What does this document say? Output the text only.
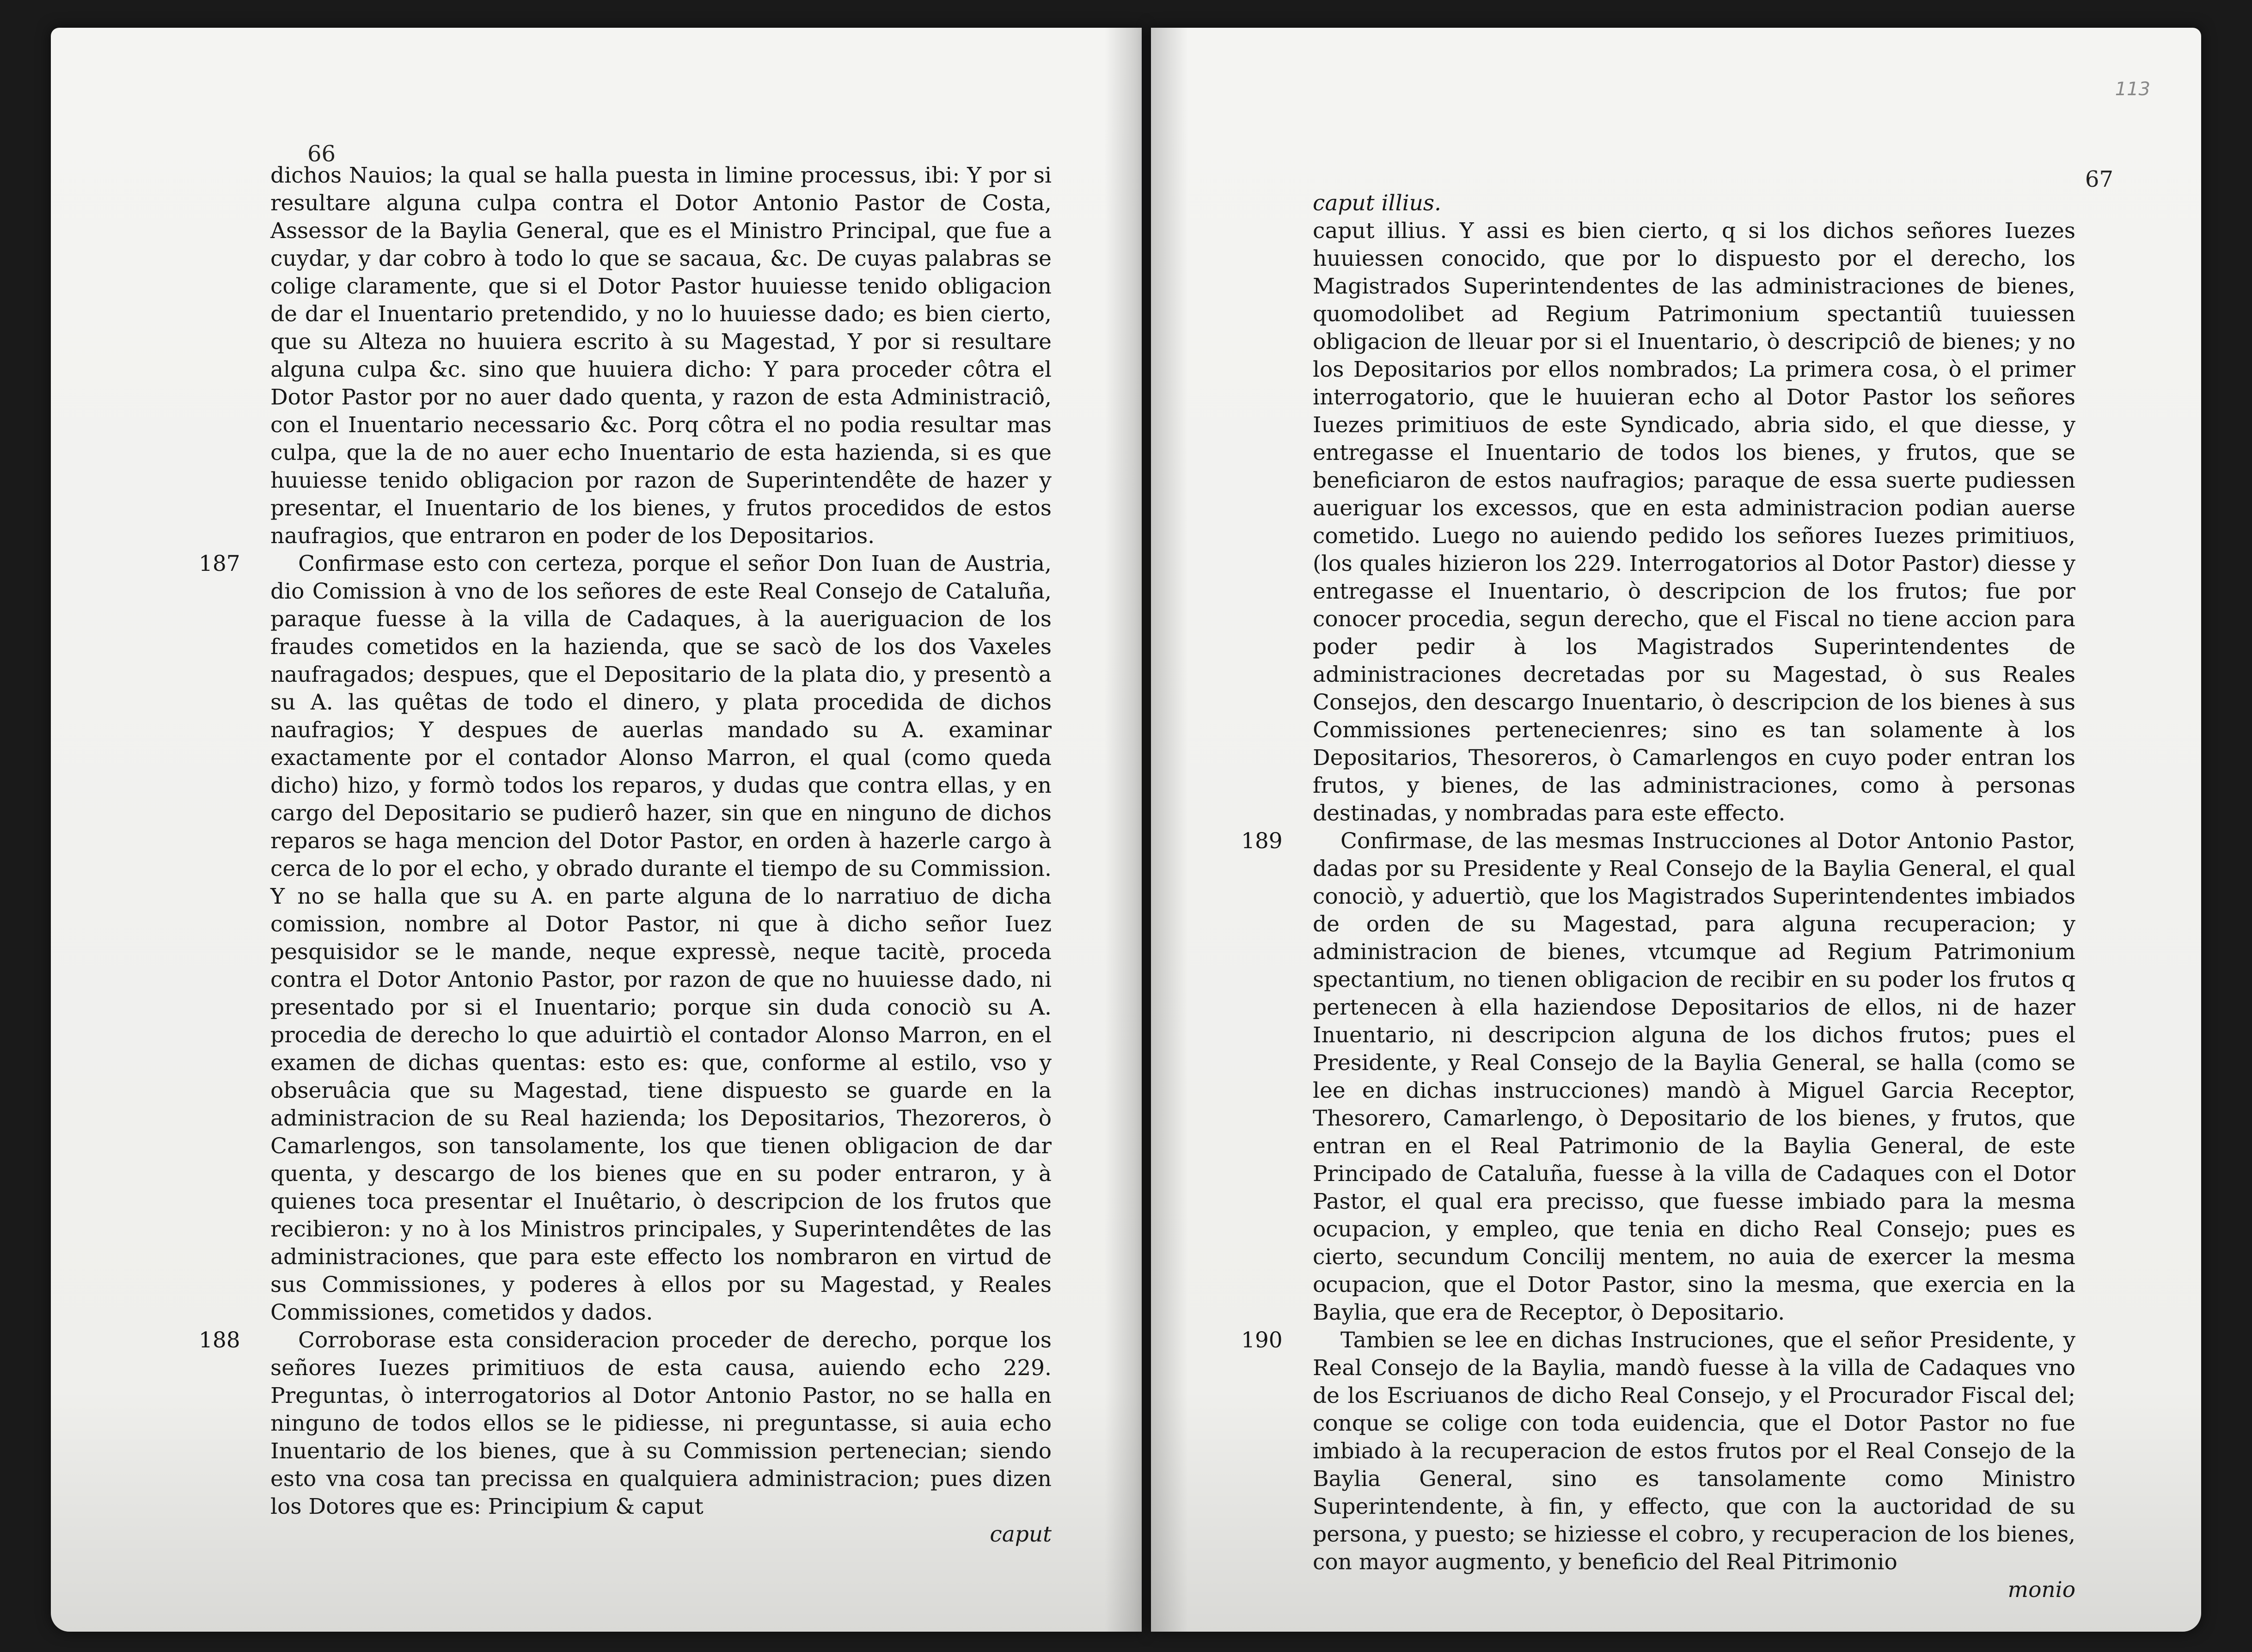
66

dichos Nauios; la qual se halla puesta in limine processus, ibi: Y por si resultare alguna culpa contra el Dotor Antonio Pastor de Costa, Assessor de la Baylia General, que es el Ministro Principal, que fue a cuydar, y dar cobro à todo lo que se sacaua, &c. De cuyas palabras se colige claramente, que si el Dotor Pastor huuiesse tenido obligacion de dar el Inuentario pretendido, y no lo huuiesse dado; es bien cierto, que su Alteza no huuiera escrito à su Magestad, Y por si resultare alguna culpa &c. sino que huuiera dicho: Y para proceder côtra el Dotor Pastor por no auer dado quenta, y razon de esta Administraciô, con el Inuentario necessario &c. Porq côtra el no podia resultar mas culpa, que la de no auer echo Inuentario de esta hazienda, si es que huuiesse tenido obligacion por razon de Superintendête de hazer y presentar, el Inuentario de los bienes, y frutos procedidos de estos naufragios, que entraron en poder de los Depositarios.

187	Confirmase esto con certeza, porque el señor Don Iuan de Austria, dio Comission à vno de los señores de este Real Consejo de Cataluña, paraque fuesse à la villa de Cadaques, à la aueriguacion de los fraudes cometidos en la hazienda, que se sacò de los dos Vaxeles naufragados; despues, que el Depositario de la plata dio, y presentò a su A. las quêtas de todo el dinero, y plata procedida de dichos naufragios; Y despues de auerlas mandado su A. examinar exactamente por el contador Alonso Marron, el qual (como queda dicho) hizo, y formò todos los reparos, y dudas que contra ellas, y en cargo del Depositario se pudierô hazer, sin que en ninguno de dichos reparos se haga mencion del Dotor Pastor, en orden à hazerle cargo à cerca de lo por el echo, y obrado durante el tiempo de su Commission. Y no se halla que su A. en parte alguna de lo narratiuo de dicha comission, nombre al Dotor Pastor, ni que à dicho señor Iuez pesquisidor se le mande, neque expressè, neque tacitè, proceda contra el Dotor Antonio Pastor, por razon de que no huuiesse dado, ni presentado por si el Inuentario; porque sin duda conociò su A. procedia de derecho lo que aduirtiò el contador Alonso Marron, en el examen de dichas quentas: esto es: que, conforme al estilo, vso y obseruâcia que su Magestad, tiene dispuesto se guarde en la administracion de su Real hazienda; los Depositarios, Thezoreros, ò Camarlengos, son tansolamente, los que tienen obligacion de dar quenta, y descargo de los bienes que en su poder entraron, y à quienes toca presentar el Inuêtario, ò descripcion de los frutos que recibieron: y no à los Ministros principales, y Superintendêtes de las administraciones, que para este effecto los nombraron en virtud de sus Commissiones, y poderes à ellos por su Magestad, y Reales Commissiones, cometidos y dados.

188	Corroborase esta consideracion proceder de derecho, porque los señores Iuezes primitiuos de esta causa, auiendo echo 229. Preguntas, ò interrogatorios al Dotor Antonio Pastor, no se halla en ninguno de todos ellos se le pidiesse, ni preguntasse, si auia echo Inuentario de los bienes, que à su Commission pertenecian; siendo esto vna cosa tan precissa en qualquiera administracion; pues dizen los Dotores que es: Principium & caput

caput

113
67

caput illius.

caput illius. Y assi es bien cierto, q si los dichos señores Iuezes huuiessen conocido, que por lo dispuesto por el derecho, los Magistrados Superintendentes de las administraciones de bienes, quomodolibet ad Regium Patrimonium spectantiû tuuiessen obligacion de lleuar por si el Inuentario, ò descripciô de bienes; y no los Depositarios por ellos nombrados; La primera cosa, ò el primer interrogatorio, que le huuieran echo al Dotor Pastor los señores Iuezes primitiuos de este Syndicado, abria sido, el que diesse, y entregasse el Inuentario de todos los bienes, y frutos, que se beneficiaron de estos naufragios; paraque de essa suerte pudiessen aueriguar los excessos, que en esta administracion podian auerse cometido. Luego no auiendo pedido los señores Iuezes primitiuos, (los quales hizieron los 229. Interrogatorios al Dotor Pastor) diesse y entregasse el Inuentario, ò descripcion de los frutos; fue por conocer procedia, segun derecho, que el Fiscal no tiene accion para poder pedir à los Magistrados Superintendentes de administraciones decretadas por su Magestad, ò sus Reales Consejos, den descargo Inuentario, ò descripcion de los bienes à sus Commissiones pertenecienres; sino es tan solamente à los Depositarios, Thesoreros, ò Camarlengos en cuyo poder entran los frutos, y bienes, de las administraciones, como à personas destinadas, y nombradas para este effecto.

189	Confirmase, de las mesmas Instrucciones al Dotor Antonio Pastor, dadas por su Presidente y Real Consejo de la Baylia General, el qual conociò, y aduertiò, que los Magistrados Superintendentes imbiados de orden de su Magestad, para alguna recuperacion; y administracion de bienes, vtcumque ad Regium Patrimonium spectantium, no tienen obligacion de recibir en su poder los frutos q pertenecen à ella haziendose Depositarios de ellos, ni de hazer Inuentario, ni descripcion alguna de los dichos frutos; pues el Presidente, y Real Consejo de la Baylia General, se halla (como se lee en dichas instrucciones) mandò à Miguel Garcia Receptor, Thesorero, Camarlengo, ò Depositario de los bienes, y frutos, que entran en el Real Patrimonio de la Baylia General, de este Principado de Cataluña, fuesse à la villa de Cadaques con el Dotor Pastor, el qual era precisso, que fuesse imbiado para la mesma ocupacion, y empleo, que tenia en dicho Real Consejo; pues es cierto, secundum Concilij mentem, no auia de exercer la mesma ocupacion, que el Dotor Pastor, sino la mesma, que exercia en la Baylia, que era de Receptor, ò Depositario.

190	Tambien se lee en dichas Instruciones, que el señor Presidente, y Real Consejo de la Baylia, mandò fuesse à la villa de Cadaques vno de los Escriuanos de dicho Real Consejo, y el Procurador Fiscal del; conque se colige con toda euidencia, que el Dotor Pastor no fue imbiado à la recuperacion de estos frutos por el Real Consejo de la Baylia General, sino es tansolamente como Ministro Superintendente, à fin, y effecto, que con la auctoridad de su persona, y puesto; se hiziesse el cobro, y recuperacion de los bienes, con mayor augmento, y beneficio del Real Pitrimonio

monio
